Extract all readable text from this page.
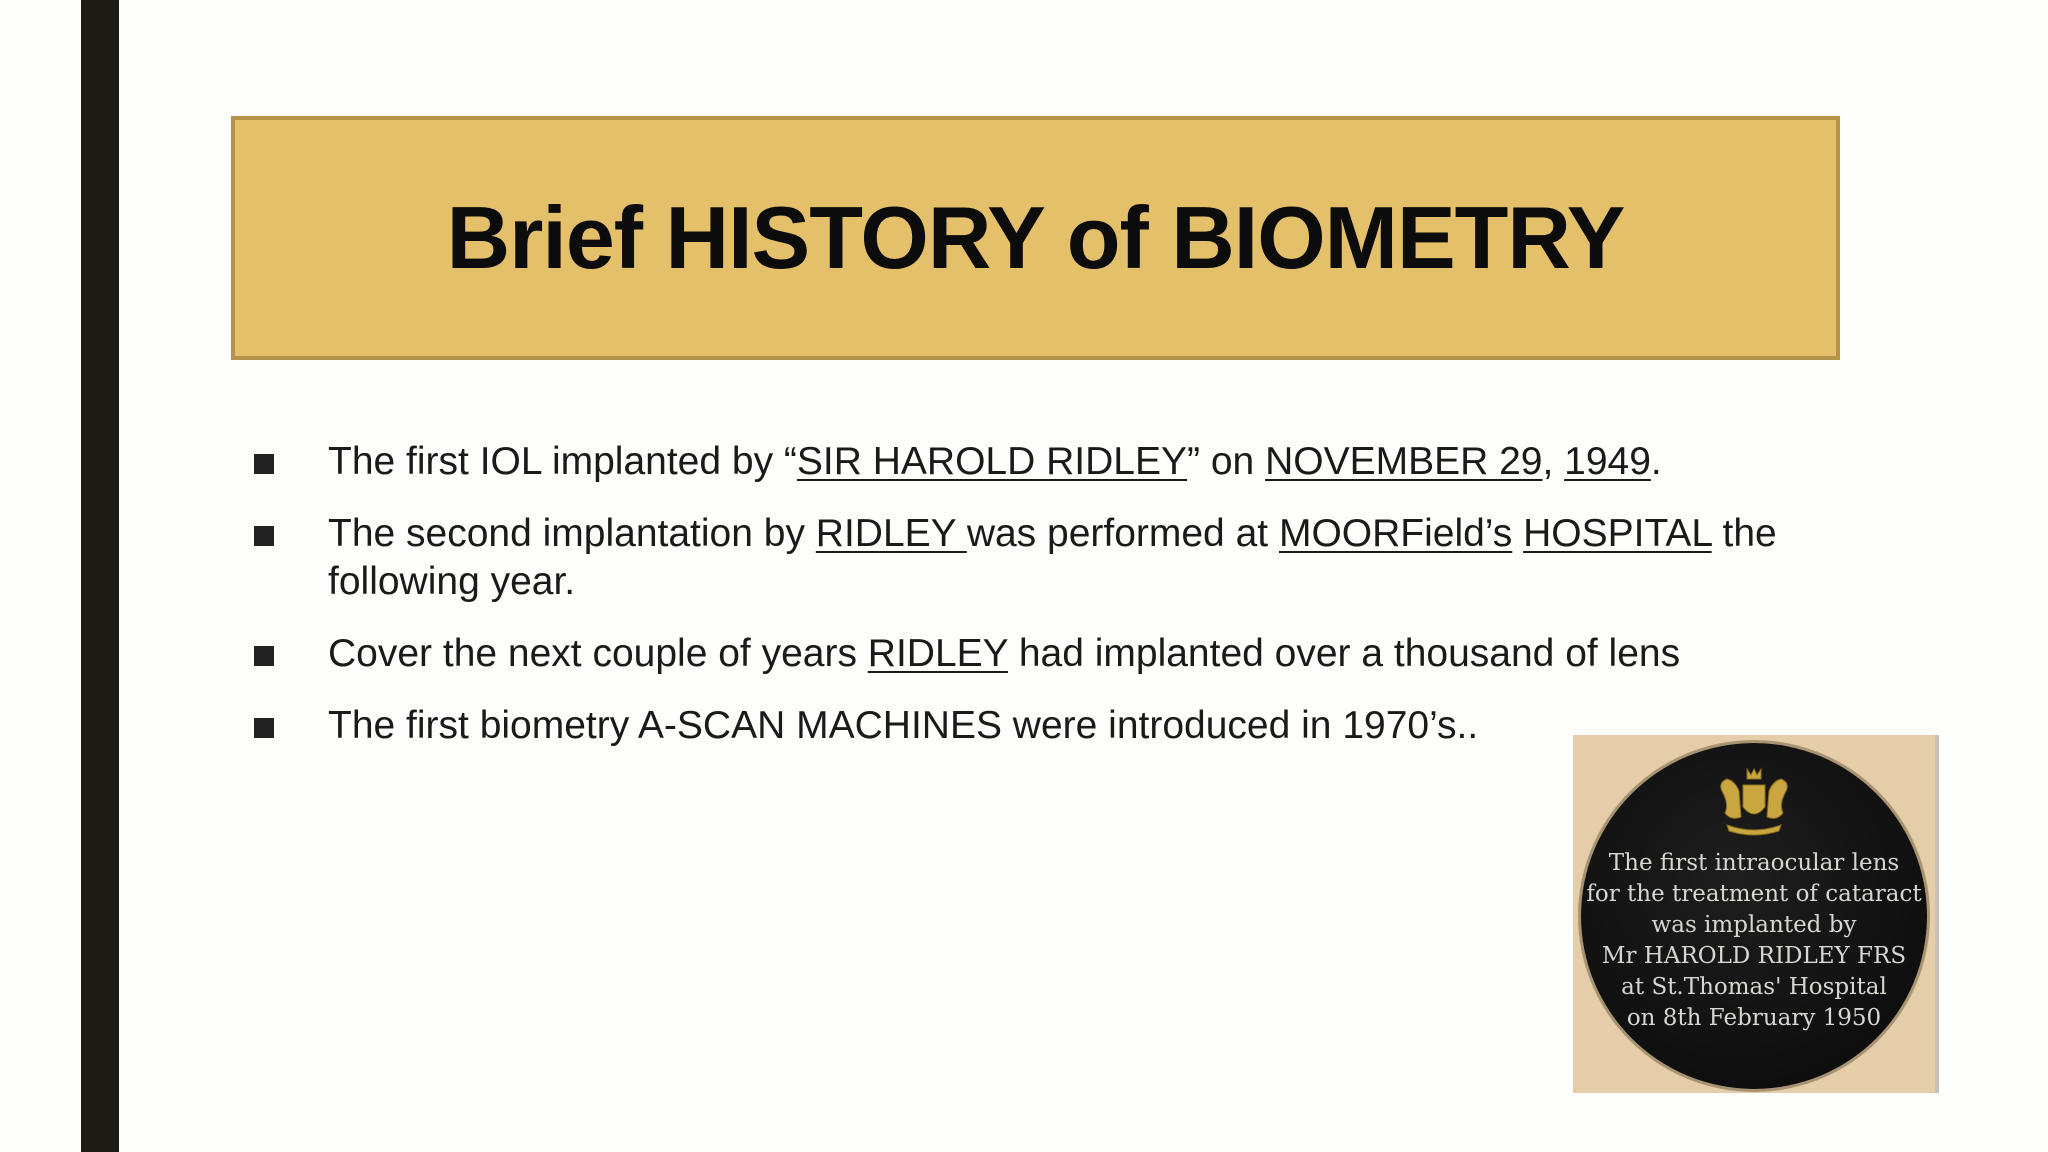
Brief HISTORY of BIOMETRY
The first IOL implanted by “SIR HAROLD RIDLEY” on NOVEMBER 29, 1949.
The second implantation by RIDLEY was performed at MOORField’s HOSPITAL the following year.
Cover the next couple of years RIDLEY had implanted over a thousand of lens
The first biometry A-SCAN MACHINES were introduced in 1970’s..
The first intraocular lens
for the treatment of cataract
was implanted by
Mr HAROLD RIDLEY FRS
at St.Thomas' Hospital
on 8th February 1950
